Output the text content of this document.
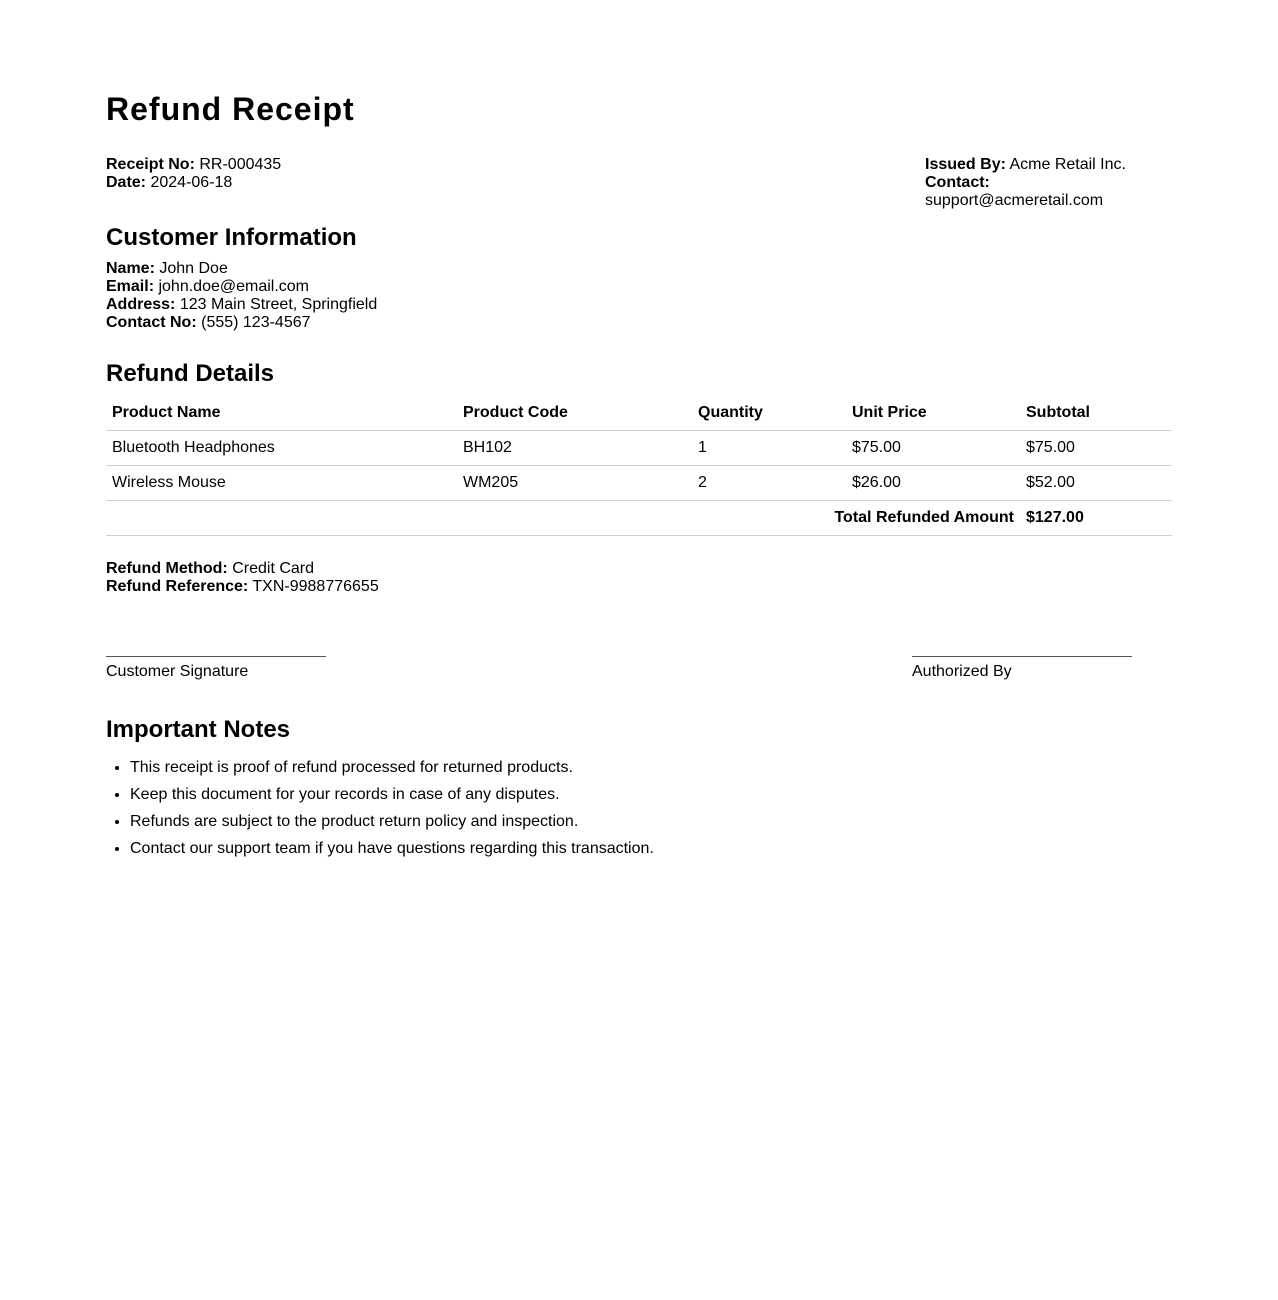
Refund Receipt
Receipt No: RR-000435
Date: 2024-06-18
Issued By: Acme Retail Inc.
Contact: support@acmeretail.com
Customer Information
Name: John Doe
Email: john.doe@email.com
Address: 123 Main Street, Springfield
Contact No: (555) 123-4567
Refund Details
Product Name	Product Code	Quantity	Unit Price	Subtotal
Bluetooth Headphones	BH102	1	$75.00	$75.00
Wireless Mouse	WM205	2	$26.00	$52.00
Total Refunded Amount				$127.00
Refund Method: Credit Card
Refund Reference: TXN-9988776655
Customer Signature	Authorized By
Important Notes
• This receipt is proof of refund processed for returned products.
• Keep this document for your records in case of any disputes.
• Refunds are subject to the product return policy and inspection.
• Contact our support team if you have questions regarding this transaction.
